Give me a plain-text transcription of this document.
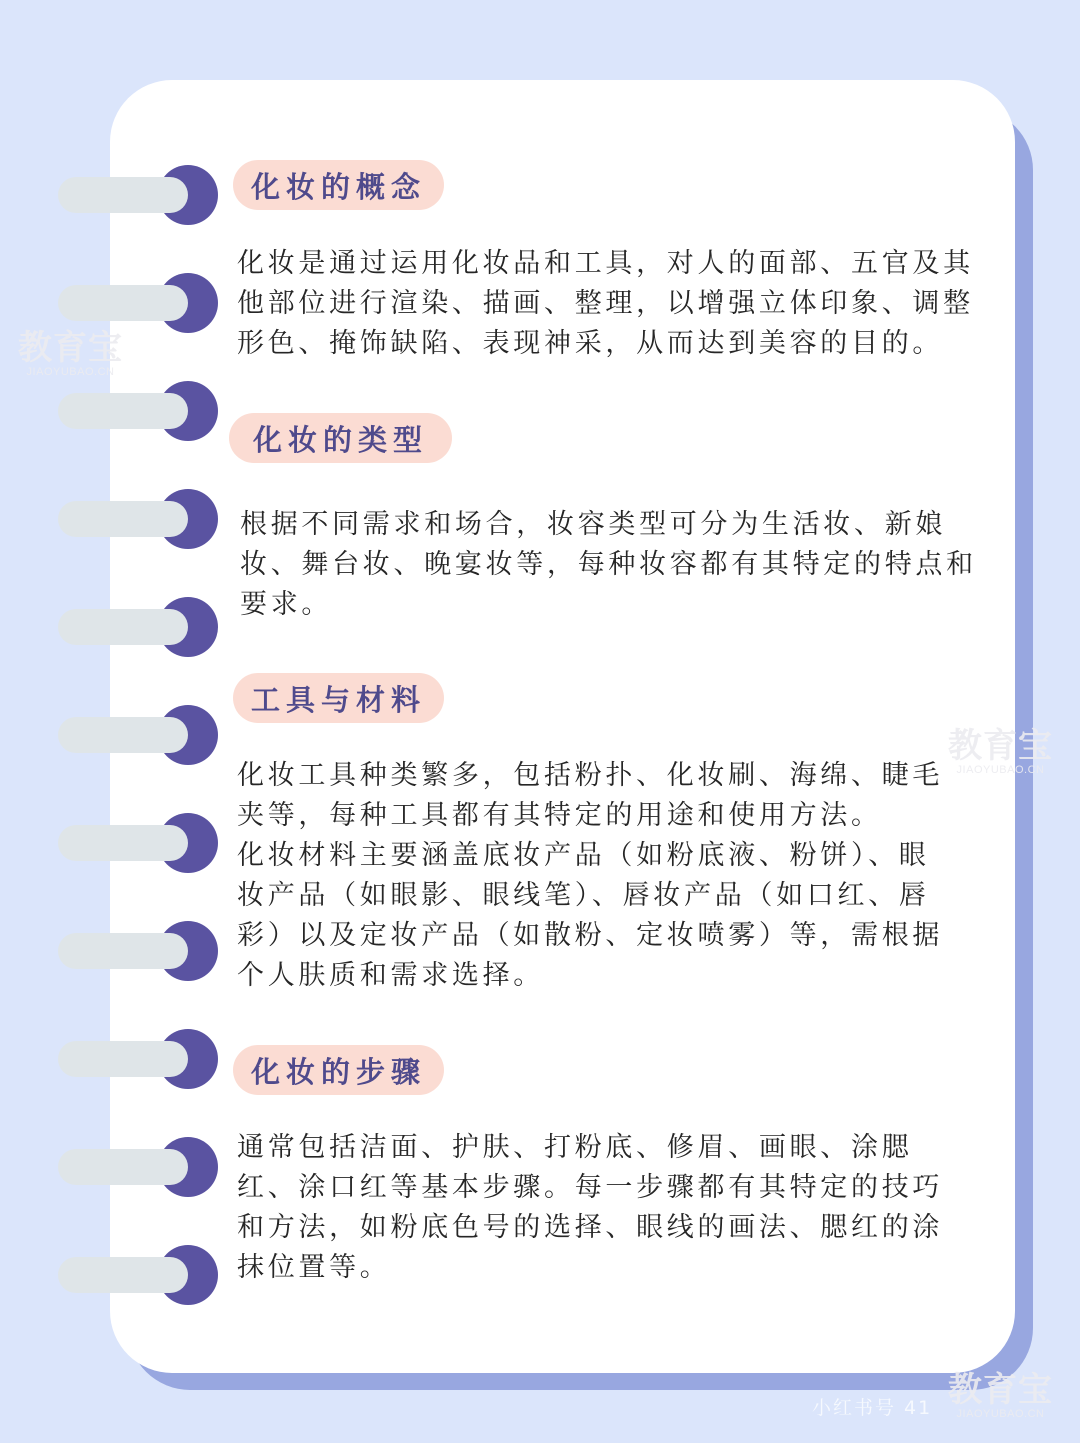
化妆的概念
化妆是通过运用化妆品和工具，对人的面部、五官及其
他部位进行渲染、描画、整理，以增强立体印象、调整
形色、掩饰缺陷、表现神采，从而达到美容的目的。
化妆的类型
根据不同需求和场合，妆容类型可分为生活妆、新娘
妆、舞台妆、晚宴妆等，每种妆容都有其特定的特点和
要求。
工具与材料
化妆工具种类繁多，包括粉扑、化妆刷、海绵、睫毛
夹等，每种工具都有其特定的用途和使用方法。
化妆材料主要涵盖底妆产品（如粉底液、粉饼）、眼
妆产品（如眼影、眼线笔）、唇妆产品（如口红、唇
彩）以及定妆产品（如散粉、定妆喷雾）等，需根据
个人肤质和需求选择。
化妆的步骤
通常包括洁面、护肤、打粉底、修眉、画眼、涂腮
红、涂口红等基本步骤。每一步骤都有其特定的技巧
和方法，如粉底色号的选择、眼线的画法、腮红的涂
抹位置等。
教育宝
JIAOYUBAO.CN
教育宝
JIAOYUBAO.CN
小红书号 41 教育宝
JIAOYUBAO.CN
